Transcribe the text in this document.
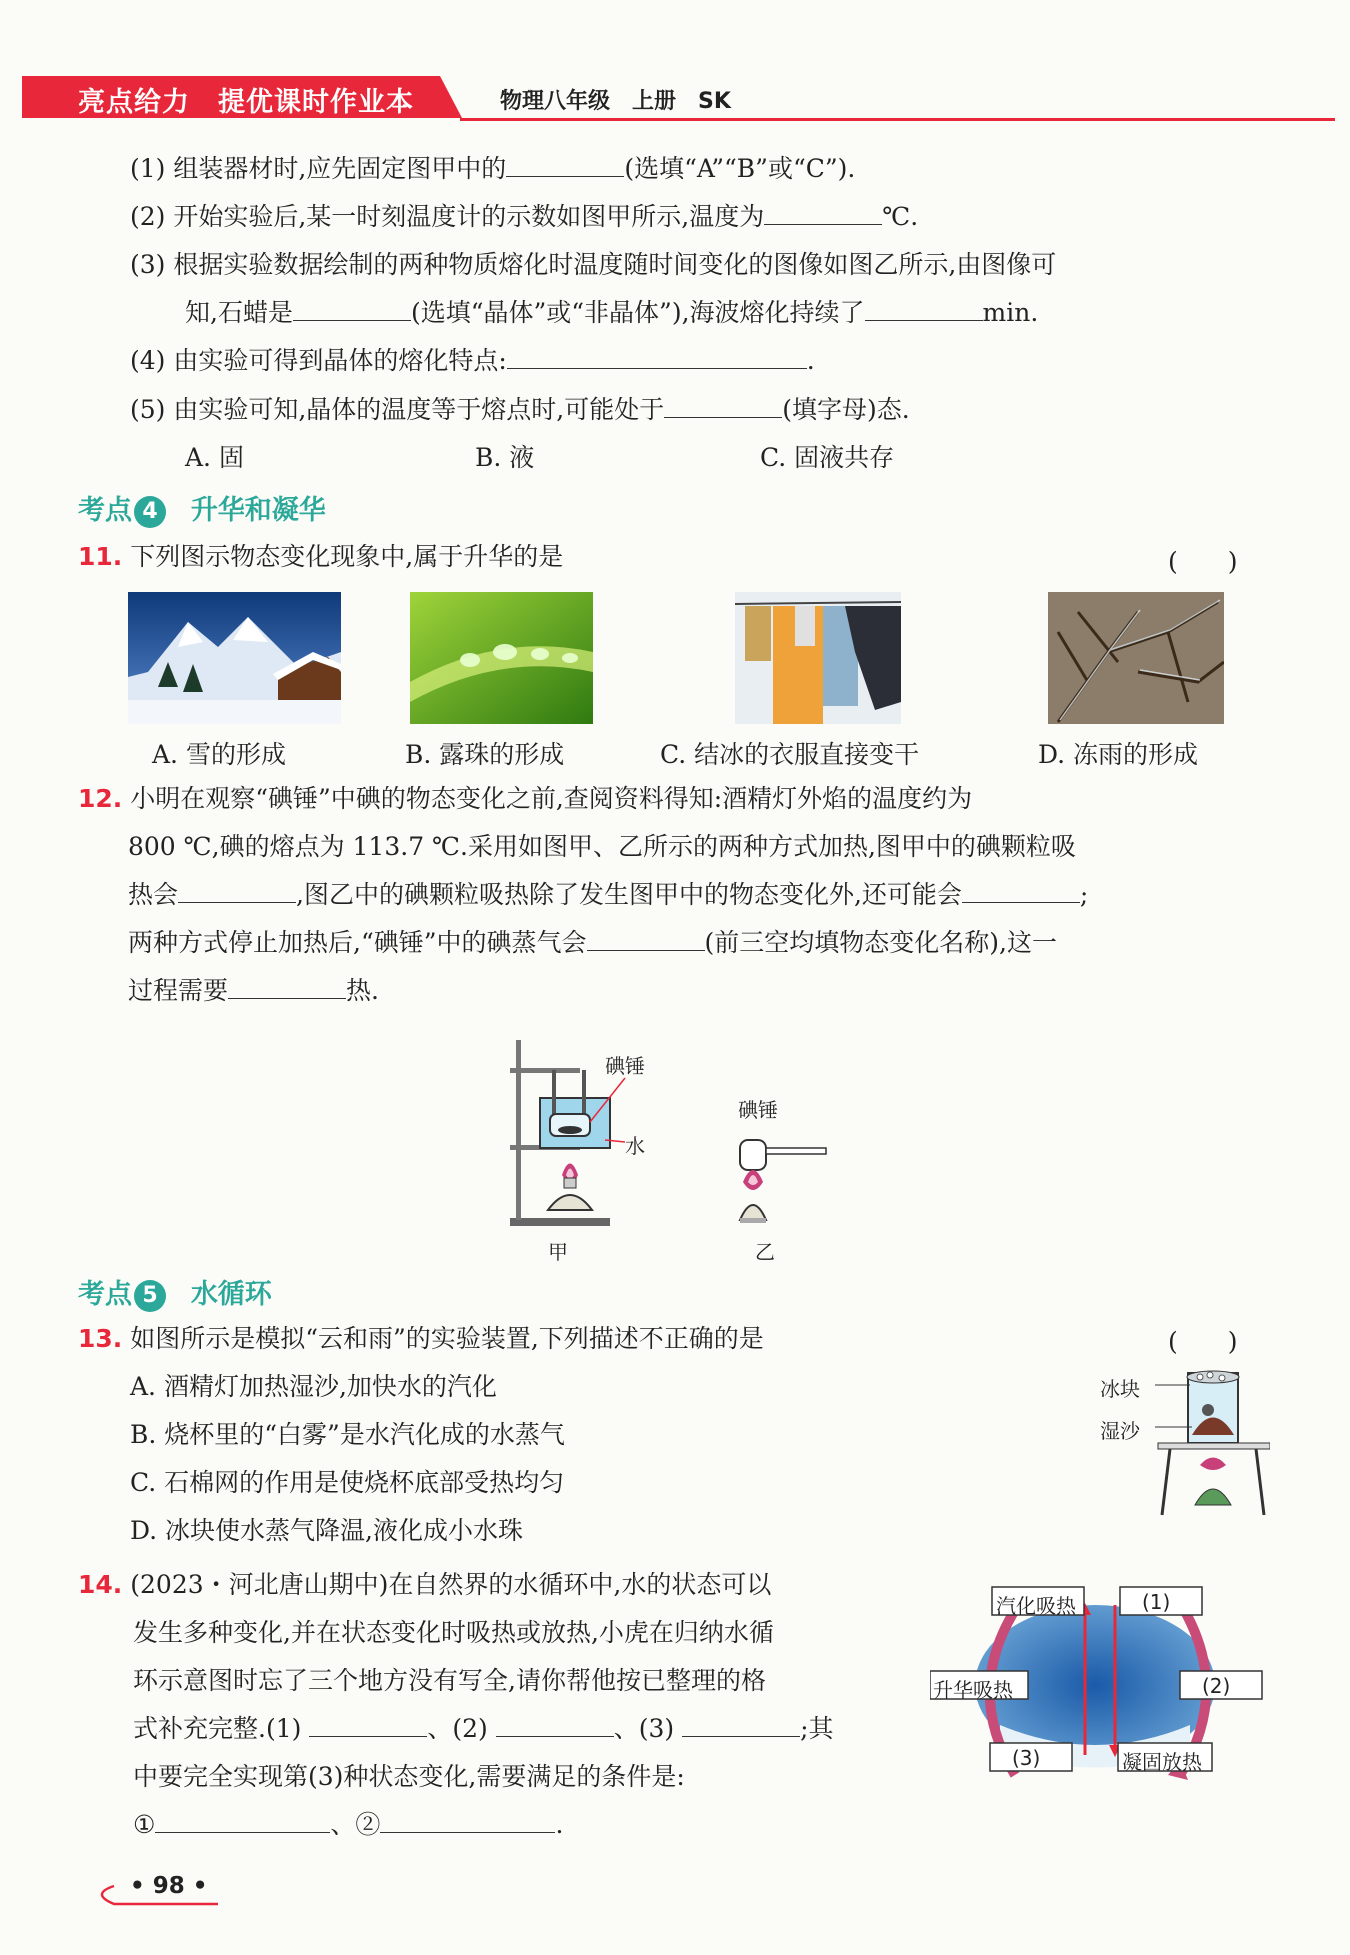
亮点给力　提优课时作业本	物理八年级　上册　SK
(1) 组装器材时,应先固定图甲中的	(选填“A”“B”或“C”).
(2) 开始实验后,某一时刻温度计的示数如图甲所示,温度为	℃.
(3) 根据实验数据绘制的两种物质熔化时温度随时间变化的图像如图乙所示,由图像可
知,石蜡是	(选填“晶体”或“非晶体”),海波熔化持续了	min.
(4) 由实验可得到晶体的熔化特点:	.
(5) 由实验可知,晶体的温度等于熔点时,可能处于	(填字母)态.
A. 固	B. 液	C. 固液共存
考点 4 升华和凝华
11. 下列图示物态变化现象中,属于升华的是	(　　)
A. 雪的形成	B. 露珠的形成	C. 结冰的衣服直接变干	D. 冻雨的形成
12. 小明在观察“碘锤”中碘的物态变化之前,查阅资料得知:酒精灯外焰的温度约为
800 ℃,碘的熔点为 113.7 ℃.采用如图甲、乙所示的两种方式加热,图甲中的碘颗粒吸
热会	,图乙中的碘颗粒吸热除了发生图甲中的物态变化外,还可能会	;
两种方式停止加热后,“碘锤”中的碘蒸气会	(前三空均填物态变化名称),这一
过程需要	热.
碘锤
水
碘锤
甲	乙
考点 5 水循环
13. 如图所示是模拟“云和雨”的实验装置,下列描述不正确的是	(　　)
A. 酒精灯加热湿沙,加快水的汽化
B. 烧杯里的“白雾”是水汽化成的水蒸气
C. 石棉网的作用是使烧杯底部受热均匀
D. 冰块使水蒸气降温,液化成小水珠
冰块
湿沙
14. (2023・河北唐山期中)在自然界的水循环中,水的状态可以
发生多种变化,并在状态变化时吸热或放热,小虎在归纳水循
环示意图时忘了三个地方没有写全,请你帮他按已整理的格
式补充完整.(1)	、(2)	、(3)	;其
中要完全实现第(3)种状态变化,需要满足的条件是:
①	、②	.
汽化吸热	(1)
升华吸热	(2)
(3)	凝固放热
• 98 •
